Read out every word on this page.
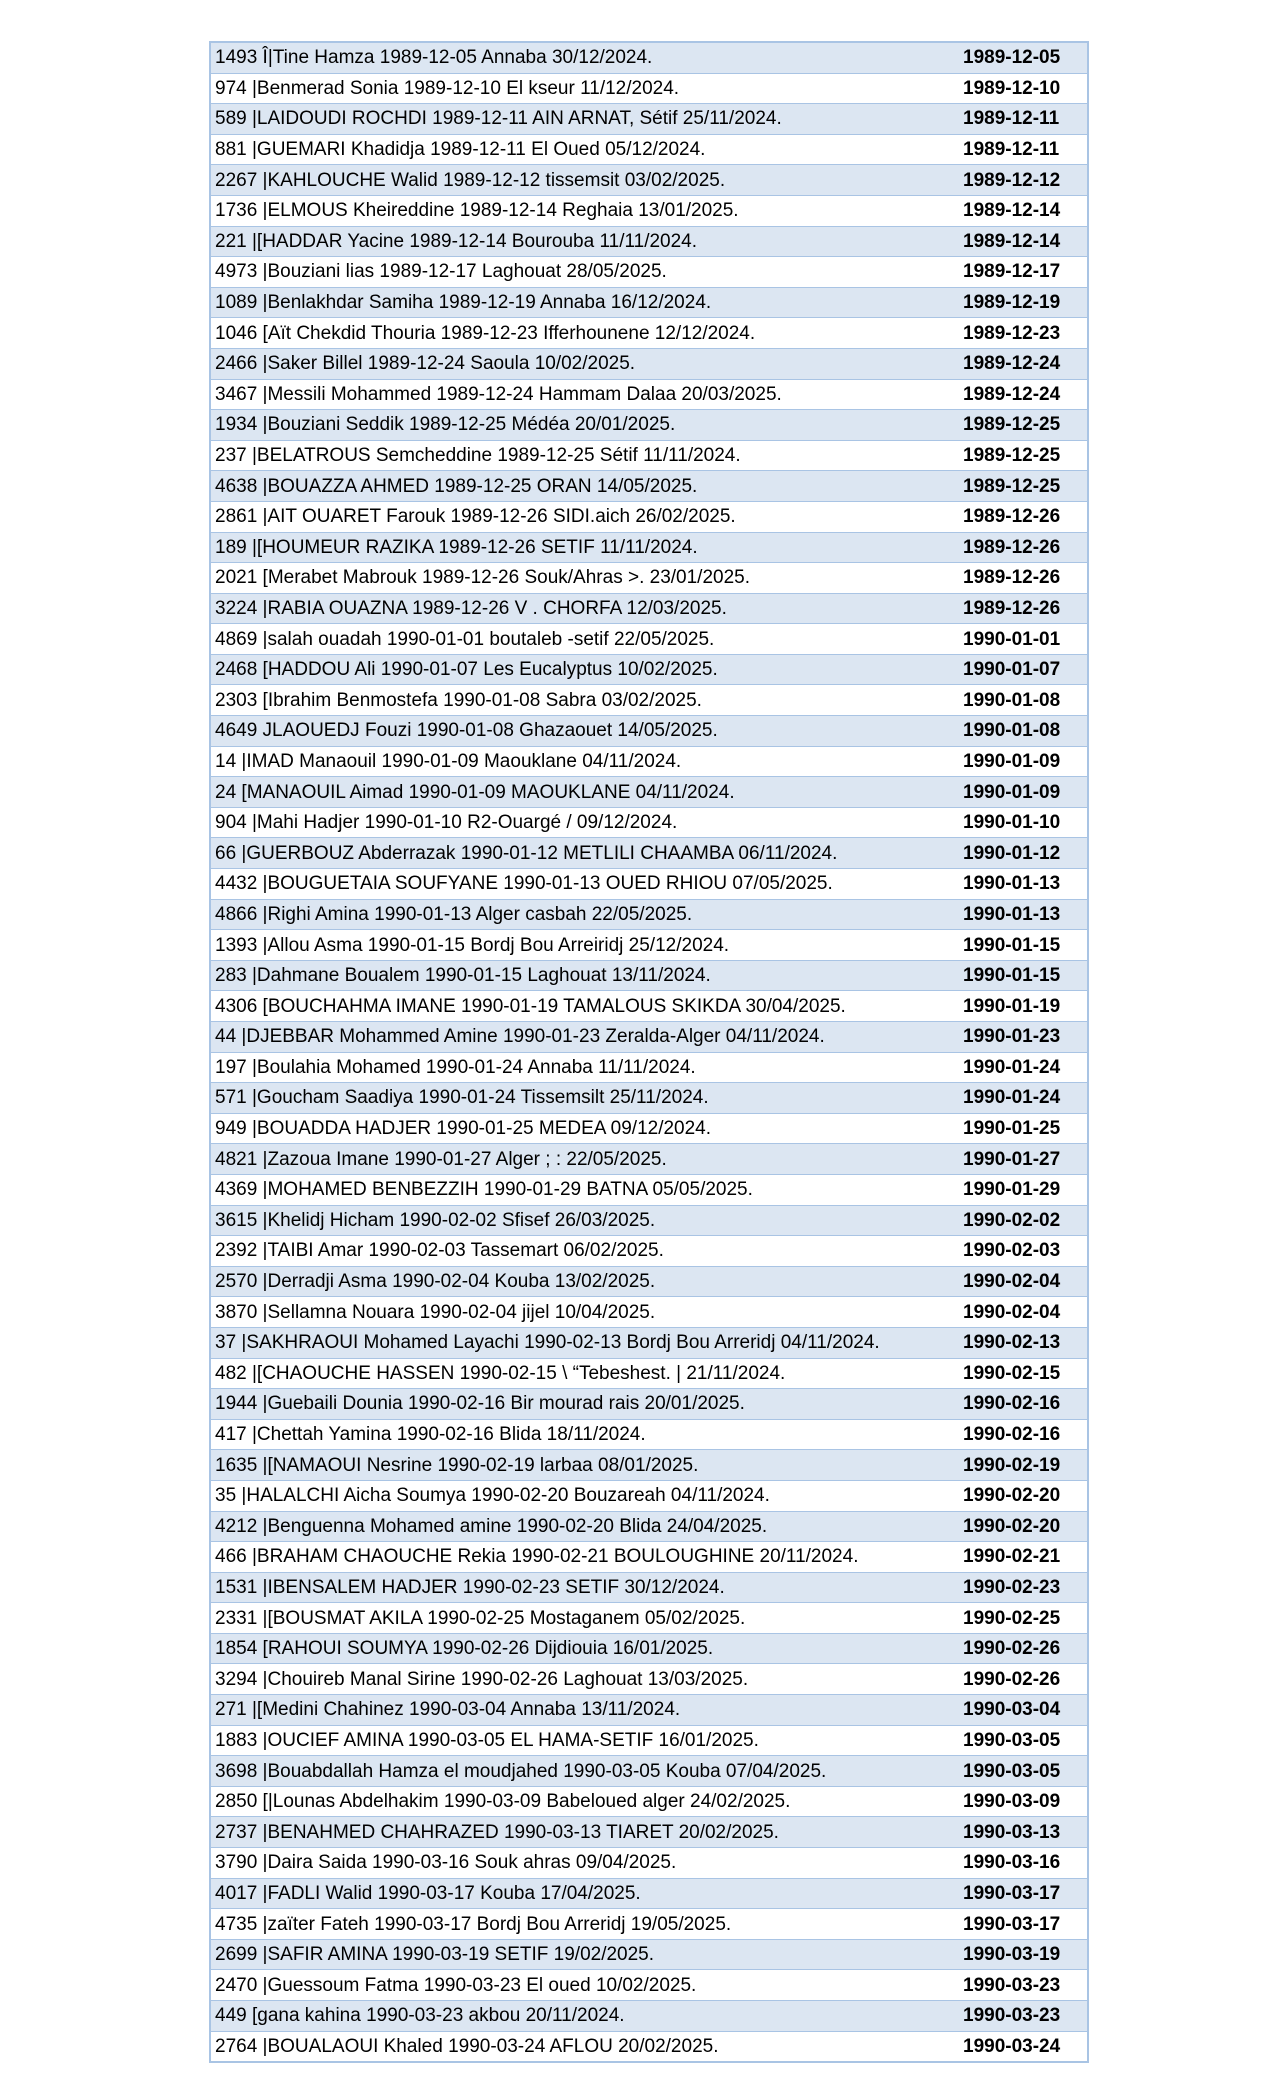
1493 Î|Tine Hamza 1989-12-05 Annaba 30/12/2024.	1989-12-05
974 |Benmerad Sonia 1989-12-10 El kseur 11/12/2024.	1989-12-10
589 |LAIDOUDI ROCHDI 1989-12-11 AIN ARNAT, Sétif 25/11/2024.	1989-12-11
881 |GUEMARI Khadidja 1989-12-11 El Oued 05/12/2024.	1989-12-11
2267 |KAHLOUCHE Walid 1989-12-12 tissemsit 03/02/2025.	1989-12-12
1736 |ELMOUS Kheireddine 1989-12-14 Reghaia 13/01/2025.	1989-12-14
221 |[HADDAR Yacine 1989-12-14 Bourouba 11/11/2024.	1989-12-14
4973 |Bouziani lias 1989-12-17 Laghouat 28/05/2025.	1989-12-17
1089 |Benlakhdar Samiha 1989-12-19 Annaba 16/12/2024.	1989-12-19
1046 [Aït Chekdid Thouria 1989-12-23 Ifferhounene 12/12/2024.	1989-12-23
2466 |Saker Billel 1989-12-24 Saoula 10/02/2025.	1989-12-24
3467 |Messili Mohammed 1989-12-24 Hammam Dalaa 20/03/2025.	1989-12-24
1934 |Bouziani Seddik 1989-12-25 Médéa 20/01/2025.	1989-12-25
237 |BELATROUS Semcheddine 1989-12-25 Sétif 11/11/2024.	1989-12-25
4638 |BOUAZZA AHMED 1989-12-25 ORAN 14/05/2025.	1989-12-25
2861 |AIT OUARET Farouk 1989-12-26 SIDI.aich 26/02/2025.	1989-12-26
189 |[HOUMEUR RAZIKA 1989-12-26 SETIF 11/11/2024.	1989-12-26
2021 [Merabet Mabrouk 1989-12-26 Souk/Ahras >. 23/01/2025.	1989-12-26
3224 |RABIA OUAZNA 1989-12-26 V . CHORFA 12/03/2025.	1989-12-26
4869 |salah ouadah 1990-01-01 boutaleb -setif 22/05/2025.	1990-01-01
2468 [HADDOU Ali 1990-01-07 Les Eucalyptus 10/02/2025.	1990-01-07
2303 [Ibrahim Benmostefa 1990-01-08 Sabra 03/02/2025.	1990-01-08
4649 JLAOUEDJ Fouzi 1990-01-08 Ghazaouet 14/05/2025.	1990-01-08
14 |IMAD Manaouil 1990-01-09 Maouklane 04/11/2024.	1990-01-09
24 [MANAOUIL Aimad 1990-01-09 MAOUKLANE 04/11/2024.	1990-01-09
904 |Mahi Hadjer 1990-01-10 R2-Ouargé / 09/12/2024.	1990-01-10
66 |GUERBOUZ Abderrazak 1990-01-12 METLILI CHAAMBA 06/11/2024.	1990-01-12
4432 |BOUGUETAIA SOUFYANE 1990-01-13 OUED RHIOU 07/05/2025.	1990-01-13
4866 |Righi Amina 1990-01-13 Alger casbah 22/05/2025.	1990-01-13
1393 |Allou Asma 1990-01-15 Bordj Bou Arreiridj 25/12/2024.	1990-01-15
283 |Dahmane Boualem 1990-01-15 Laghouat 13/11/2024.	1990-01-15
4306 [BOUCHAHMA IMANE 1990-01-19 TAMALOUS SKIKDA 30/04/2025.	1990-01-19
44 |DJEBBAR Mohammed Amine 1990-01-23 Zeralda-Alger 04/11/2024.	1990-01-23
197 |Boulahia Mohamed 1990-01-24 Annaba 11/11/2024.	1990-01-24
571 |Goucham Saadiya 1990-01-24 Tissemsilt 25/11/2024.	1990-01-24
949 |BOUADDA HADJER 1990-01-25 MEDEA 09/12/2024.	1990-01-25
4821 |Zazoua Imane 1990-01-27 Alger ; : 22/05/2025.	1990-01-27
4369 |MOHAMED BENBEZZIH 1990-01-29 BATNA 05/05/2025.	1990-01-29
3615 |Khelidj Hicham 1990-02-02 Sfisef 26/03/2025.	1990-02-02
2392 |TAIBI Amar 1990-02-03 Tassemart 06/02/2025.	1990-02-03
2570 |Derradji Asma 1990-02-04 Kouba 13/02/2025.	1990-02-04
3870 |Sellamna Nouara 1990-02-04 jijel 10/04/2025.	1990-02-04
37 |SAKHRAOUI Mohamed Layachi 1990-02-13 Bordj Bou Arreridj 04/11/2024.	1990-02-13
482 |[CHAOUCHE HASSEN 1990-02-15 \ “Tebeshest. | 21/11/2024.	1990-02-15
1944 |Guebaili Dounia 1990-02-16 Bir mourad rais 20/01/2025.	1990-02-16
417 |Chettah Yamina 1990-02-16 Blida 18/11/2024.	1990-02-16
1635 |[NAMAOUI Nesrine 1990-02-19 larbaa 08/01/2025.	1990-02-19
35 |HALALCHI Aicha Soumya 1990-02-20 Bouzareah 04/11/2024.	1990-02-20
4212 |Benguenna Mohamed amine 1990-02-20 Blida 24/04/2025.	1990-02-20
466 |BRAHAM CHAOUCHE Rekia 1990-02-21 BOULOUGHINE 20/11/2024.	1990-02-21
1531 |IBENSALEM HADJER 1990-02-23 SETIF 30/12/2024.	1990-02-23
2331 |[BOUSMAT AKILA 1990-02-25 Mostaganem 05/02/2025.	1990-02-25
1854 [RAHOUI SOUMYA 1990-02-26 Dijdiouia 16/01/2025.	1990-02-26
3294 |Chouireb Manal Sirine 1990-02-26 Laghouat 13/03/2025.	1990-02-26
271 |[Medini Chahinez 1990-03-04 Annaba 13/11/2024.	1990-03-04
1883 |OUCIEF AMINA 1990-03-05 EL HAMA-SETIF 16/01/2025.	1990-03-05
3698 |Bouabdallah Hamza el moudjahed 1990-03-05 Kouba 07/04/2025.	1990-03-05
2850 [|Lounas Abdelhakim 1990-03-09 Babeloued alger 24/02/2025.	1990-03-09
2737 |BENAHMED CHAHRAZED 1990-03-13 TIARET 20/02/2025.	1990-03-13
3790 |Daira Saida 1990-03-16 Souk ahras 09/04/2025.	1990-03-16
4017 |FADLI Walid 1990-03-17 Kouba 17/04/2025.	1990-03-17
4735 |zaïter Fateh 1990-03-17 Bordj Bou Arreridj 19/05/2025.	1990-03-17
2699 |SAFIR AMINA 1990-03-19 SETIF 19/02/2025.	1990-03-19
2470 |Guessoum Fatma 1990-03-23 El oued 10/02/2025.	1990-03-23
449 [gana kahina 1990-03-23 akbou 20/11/2024.	1990-03-23
2764 |BOUALAOUI Khaled 1990-03-24 AFLOU 20/02/2025.	1990-03-24
